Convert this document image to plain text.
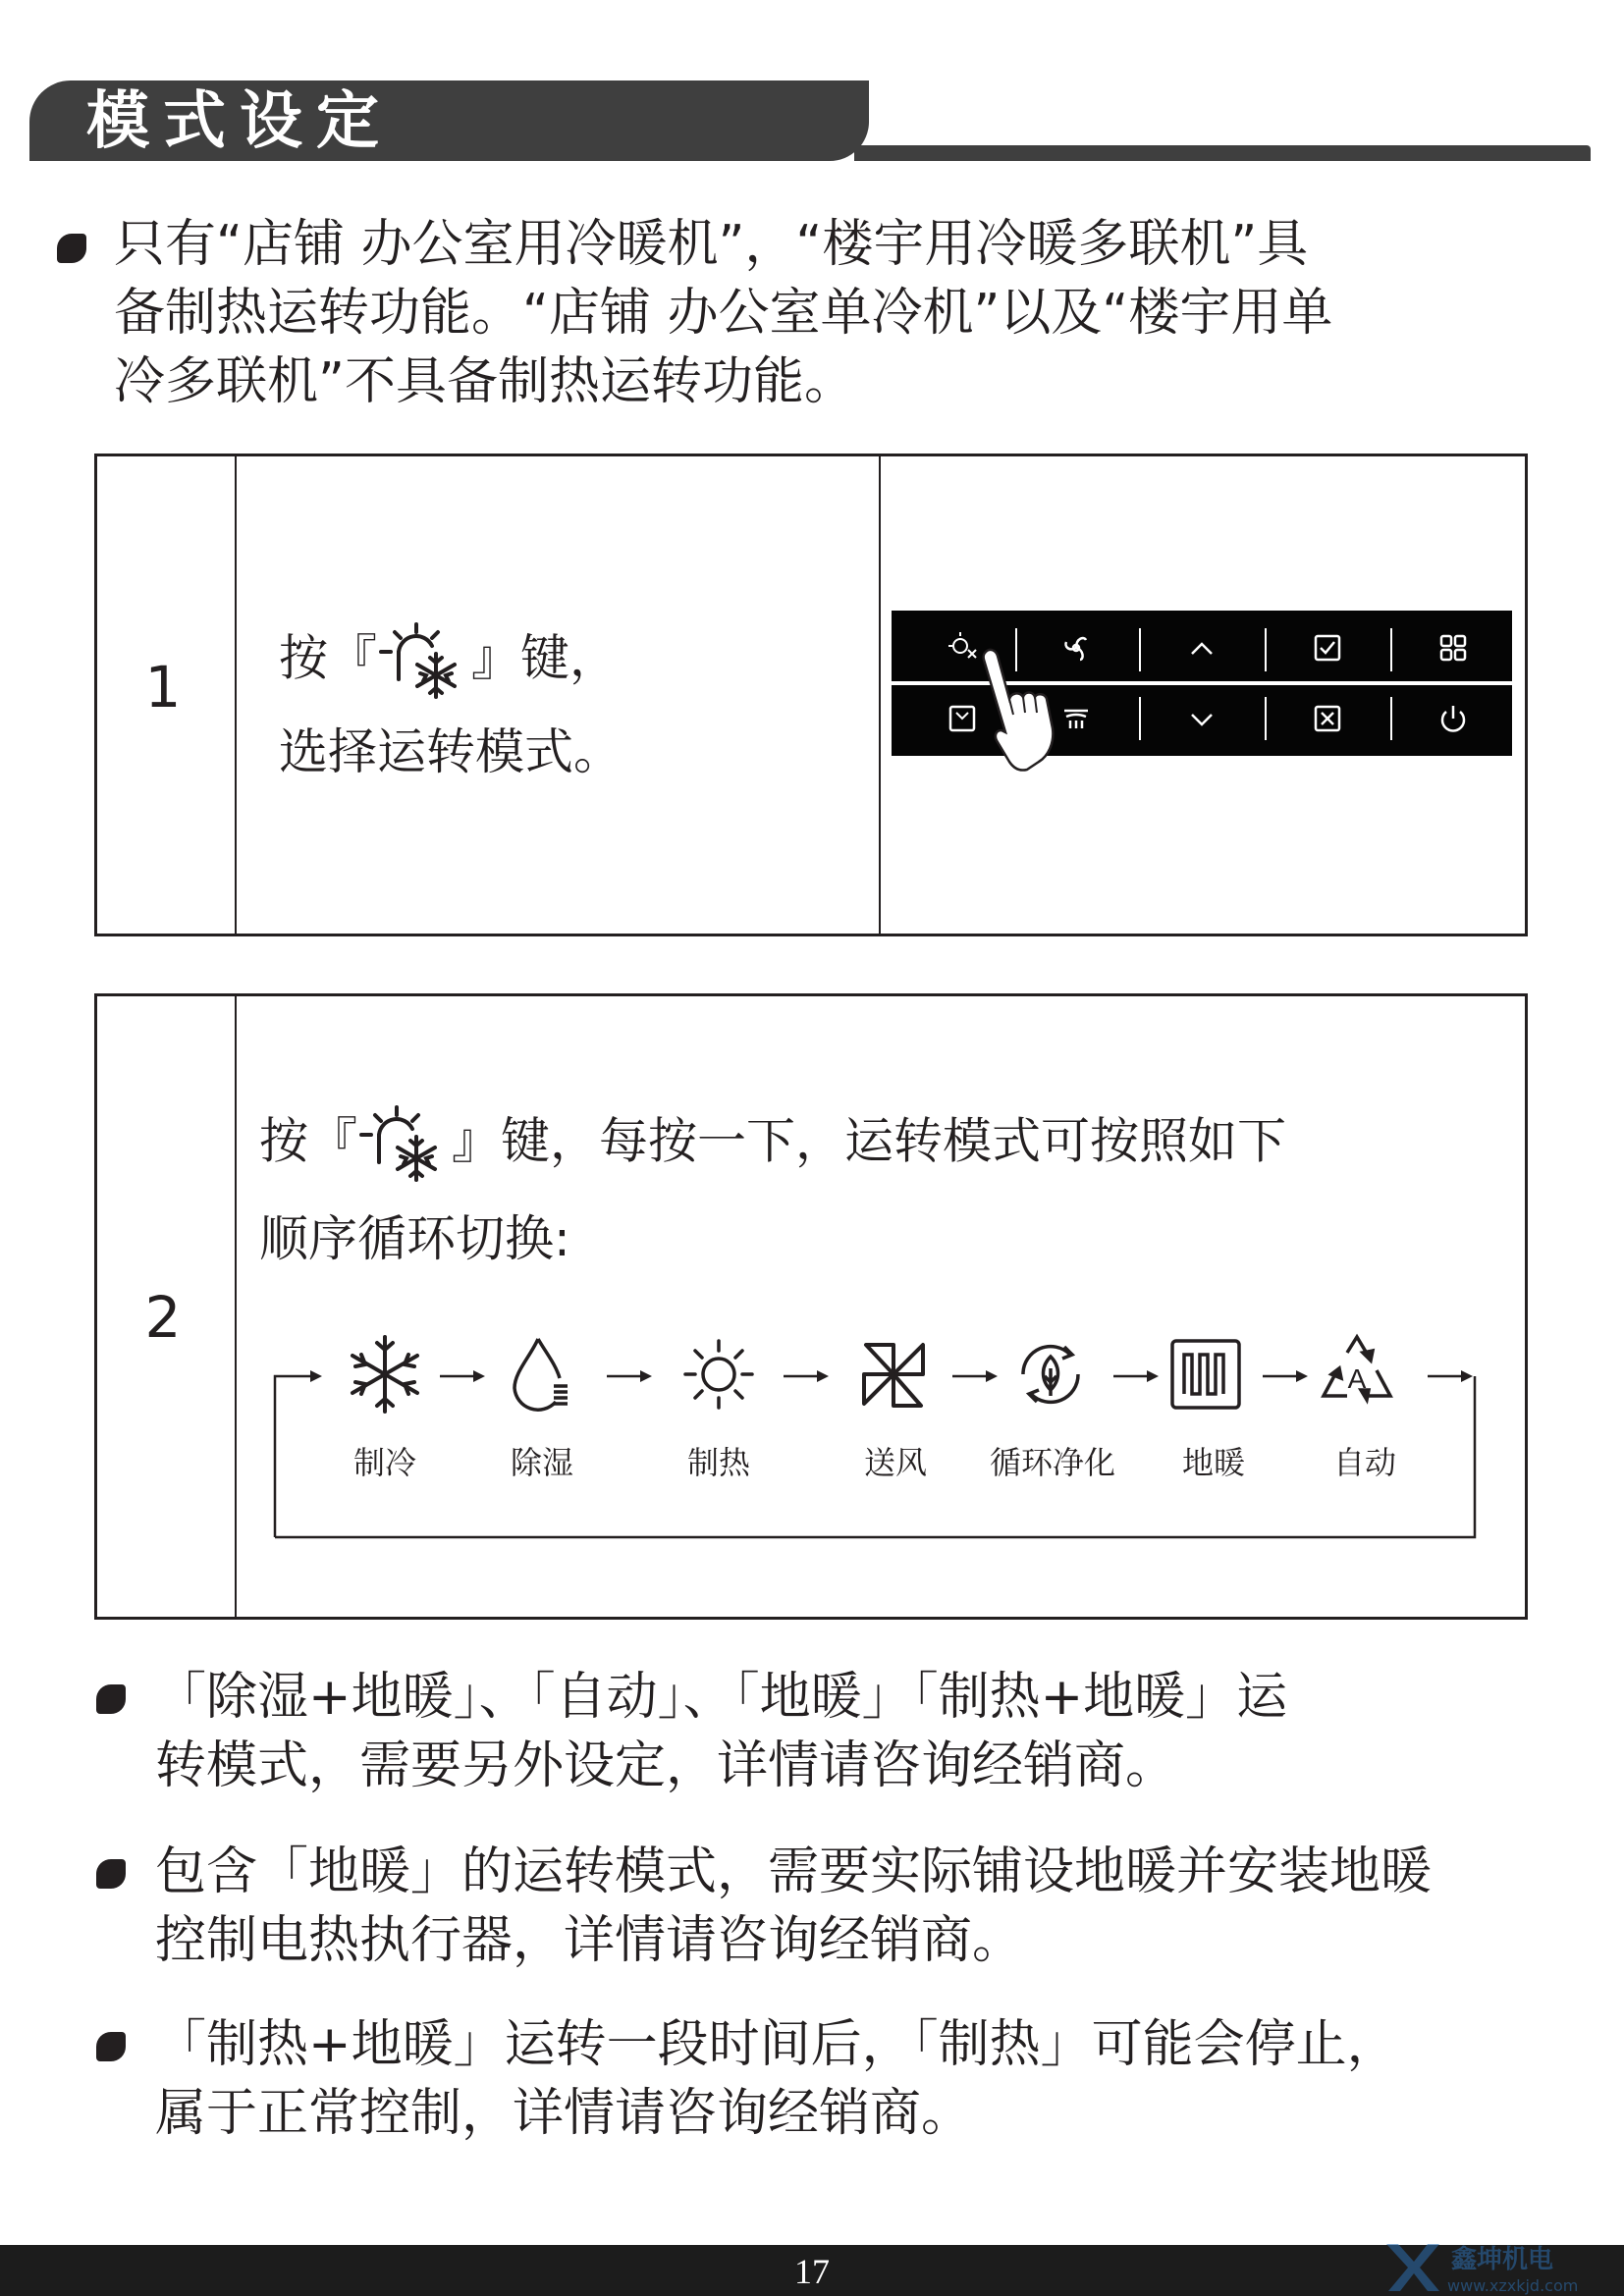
模式设定
只有“店铺 办公室用冷暖机”，“楼宇用冷暖多联机”具
备制热运转功能。“店铺 办公室单冷机”以及“楼宇用单
冷多联机”不具备制热运转功能。
1	按『 』键，
选择运转模式。
2
按『 』键，每按一下，运转模式可按照如下
顺序循环切换:
A
制冷	除湿	制热	送风	循环净化	地暖	自动
「除湿+地暖」、「自动」、「地暖」「制热+地暖」运
转模式，需要另外设定，详情请咨询经销商。
包含「地暖」的运转模式，需要实际铺设地暖并安装地暖
控制电热执行器，详情请咨询经销商。
「制热+地暖」运转一段时间后，「制热」可能会停止，
属于正常控制，详情请咨询经销商。
17	鑫坤机电
www.xzxkjd.com
